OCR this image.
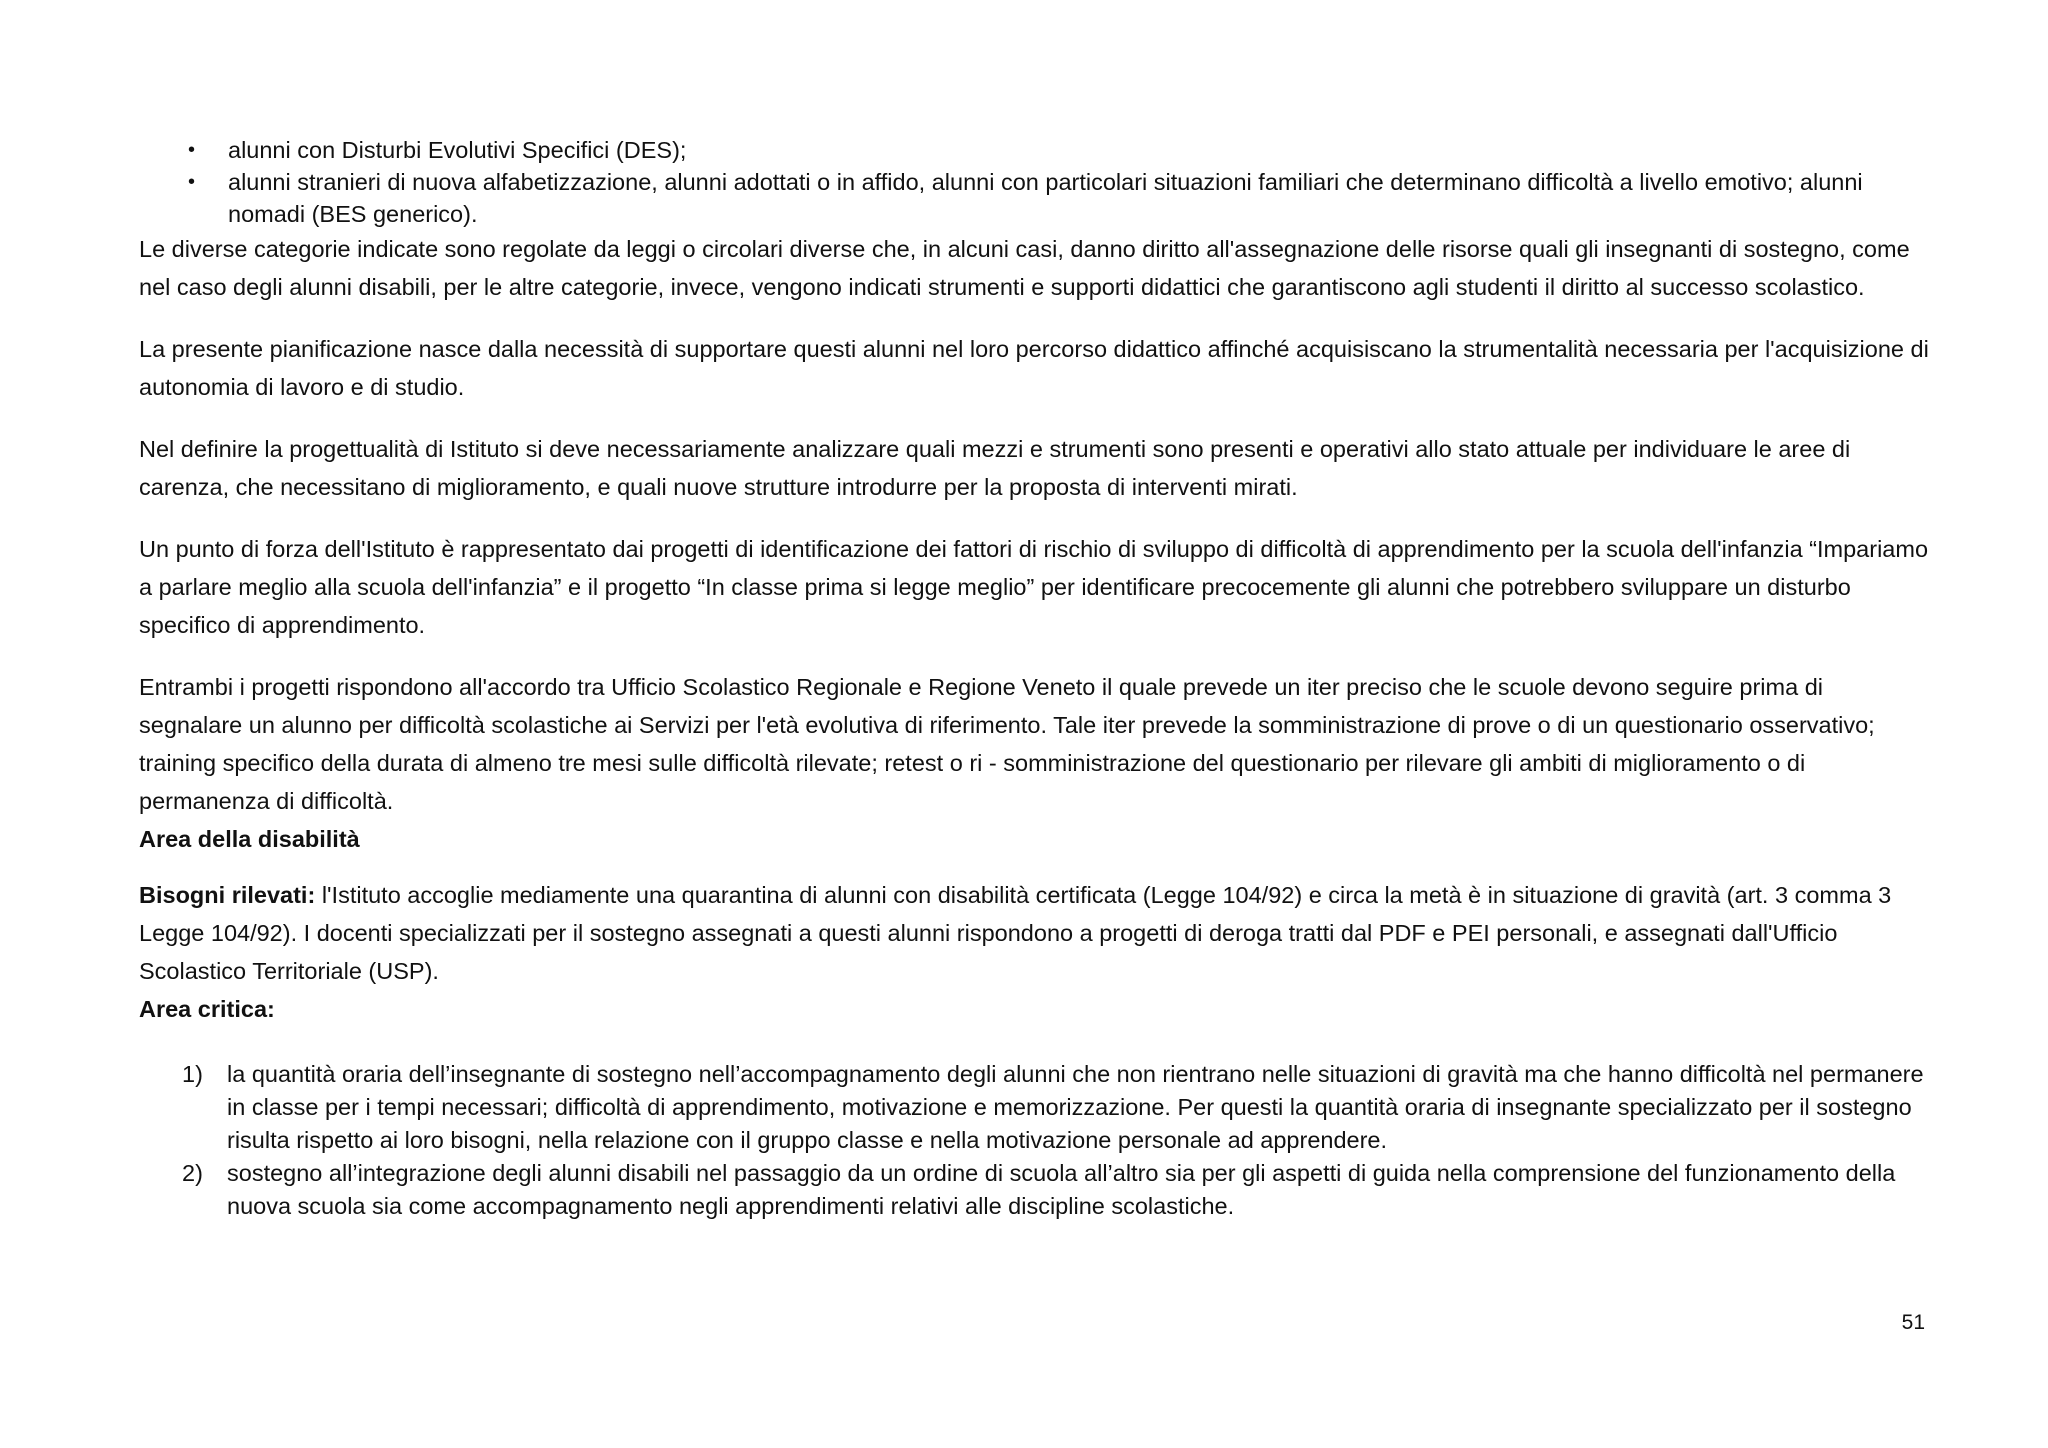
• alunni con Disturbi Evolutivi Specifici (DES);
• alunni stranieri di nuova alfabetizzazione, alunni adottati o in affido, alunni con particolari situazioni familiari che determinano difficoltà a livello emotivo; alunni nomadi (BES generico).

Le diverse categorie indicate sono regolate da leggi o circolari diverse che, in alcuni casi, danno diritto all'assegnazione delle risorse quali gli insegnanti di sostegno, come nel caso degli alunni disabili, per le altre categorie, invece, vengono indicati strumenti e supporti didattici che garantiscono agli studenti il diritto al successo scolastico.

La presente pianificazione nasce dalla necessità di supportare questi alunni nel loro percorso didattico affinché acquisiscano la strumentalità necessaria per l'acquisizione di autonomia di lavoro e di studio.

Nel definire la progettualità di Istituto si deve necessariamente analizzare quali mezzi e strumenti sono presenti e operativi allo stato attuale per individuare le aree di carenza, che necessitano di miglioramento, e quali nuove strutture introdurre per la proposta di interventi mirati.

Un punto di forza dell'Istituto è rappresentato dai progetti di identificazione dei fattori di rischio di sviluppo di difficoltà di apprendimento per la scuola dell'infanzia “Impariamo a parlare meglio alla scuola dell'infanzia” e il progetto “In classe prima si legge meglio” per identificare precocemente gli alunni che potrebbero sviluppare un disturbo specifico di apprendimento.

Entrambi i progetti rispondono all'accordo tra Ufficio Scolastico Regionale e Regione Veneto il quale prevede un iter preciso che le scuole devono seguire prima di segnalare un alunno per difficoltà scolastiche ai Servizi per l'età evolutiva di riferimento. Tale iter prevede la somministrazione di prove o di un questionario osservativo; training specifico della durata di almeno tre mesi sulle difficoltà rilevate; retest o ri - somministrazione del questionario per rilevare gli ambiti di miglioramento o di permanenza di difficoltà.

Area della disabilità

Bisogni rilevati: l'Istituto accoglie mediamente una quarantina di alunni con disabilità certificata (Legge 104/92) e circa la metà è in situazione di gravità (art. 3 comma 3 Legge 104/92). I docenti specializzati per il sostegno assegnati a questi alunni rispondono a progetti di deroga tratti dal PDF e PEI personali, e assegnati dall'Ufficio Scolastico Territoriale (USP).

Area critica:

1) la quantità oraria dell’insegnante di sostegno nell’accompagnamento degli alunni che non rientrano nelle situazioni di gravità ma che hanno difficoltà nel permanere in classe per i tempi necessari; difficoltà di apprendimento, motivazione e memorizzazione. Per questi la quantità oraria di insegnante specializzato per il sostegno risulta rispetto ai loro bisogni, nella relazione con il gruppo classe e nella motivazione personale ad apprendere.
2) sostegno all’integrazione degli alunni disabili nel passaggio da un ordine di scuola all’altro sia per gli aspetti di guida nella comprensione del funzionamento della nuova scuola sia come accompagnamento negli apprendimenti relativi alle discipline scolastiche.
51
